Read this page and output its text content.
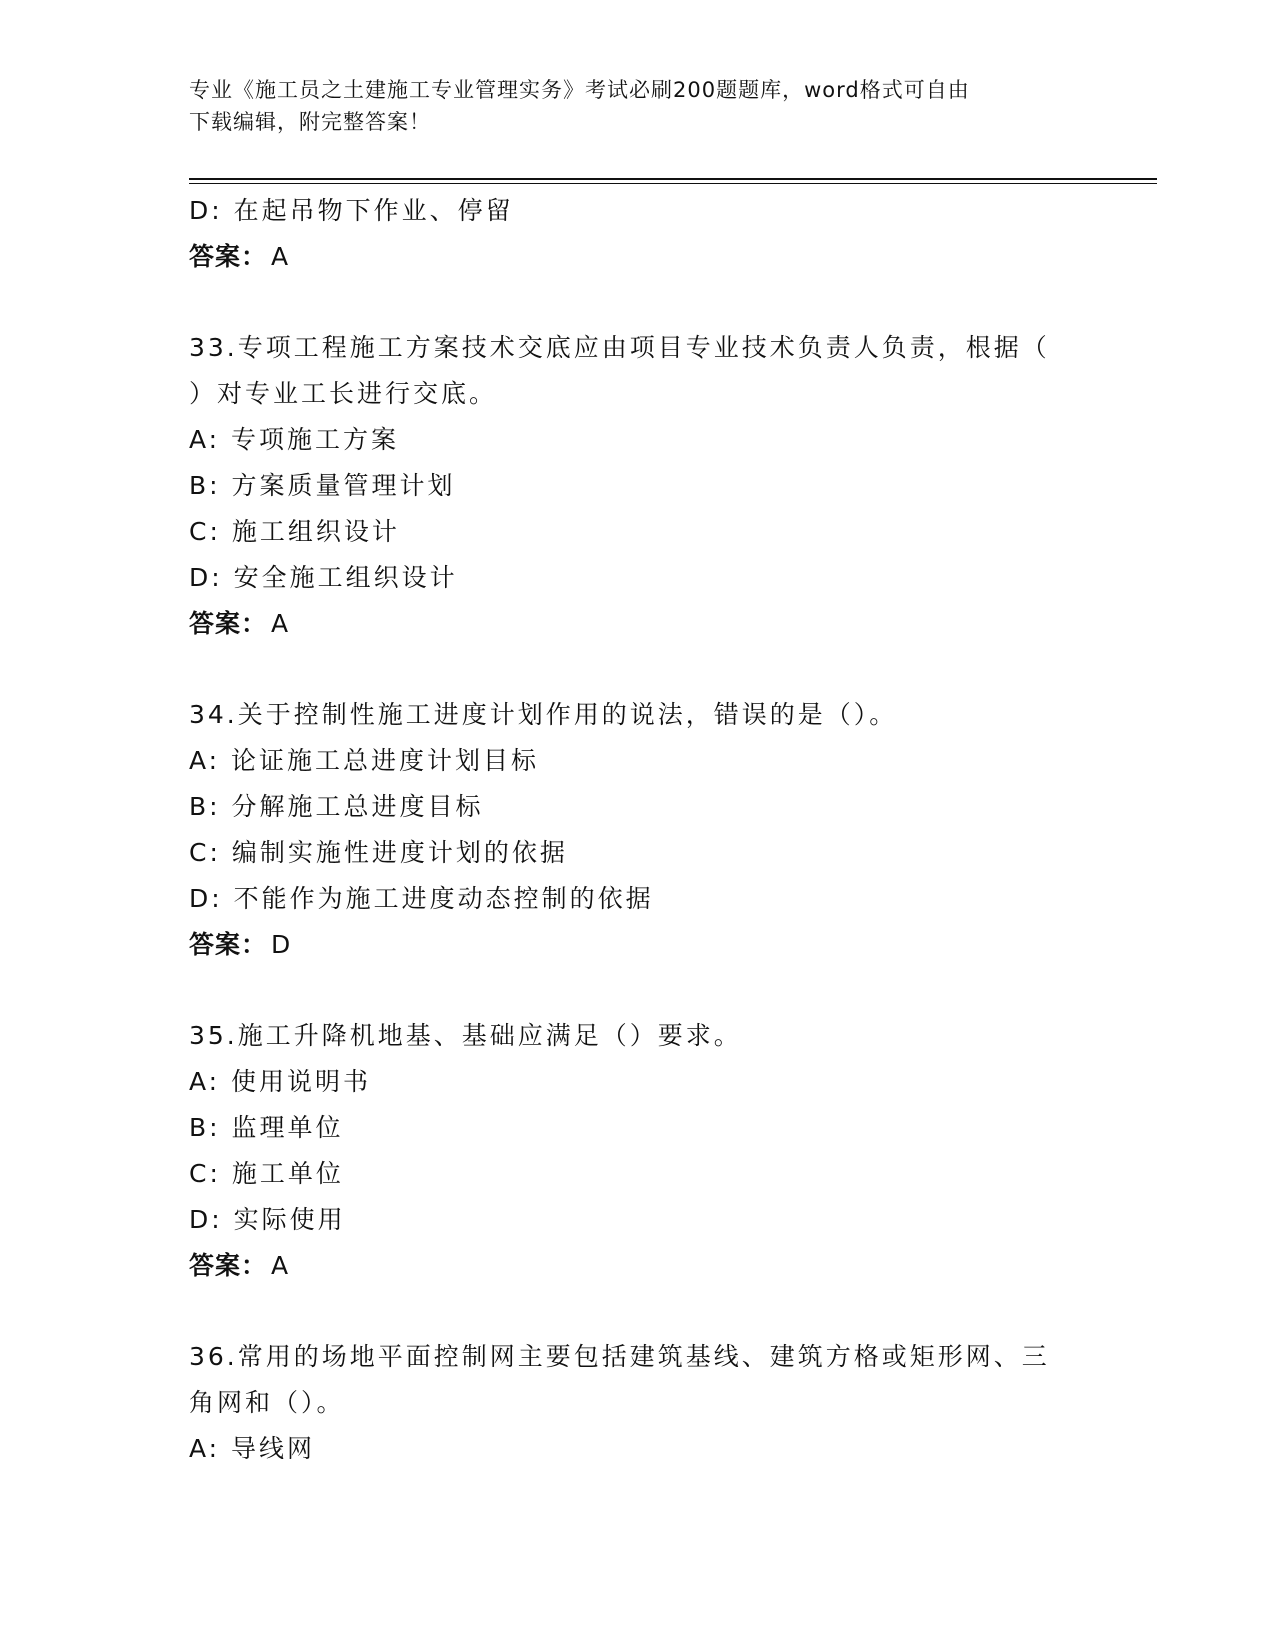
专业《施工员之土建施工专业管理实务》考试必刷200题题库，word格式可自由
下载编辑，附完整答案！
D: 在起吊物下作业、停留
答案： A
33.专项工程施工方案技术交底应由项目专业技术负责人负责，根据（
）对专业工长进行交底。
A: 专项施工方案
B: 方案质量管理计划
C: 施工组织设计
D: 安全施工组织设计
答案： A
34.关于控制性施工进度计划作用的说法，错误的是（）。
A: 论证施工总进度计划目标
B: 分解施工总进度目标
C: 编制实施性进度计划的依据
D: 不能作为施工进度动态控制的依据
答案： D
35.施工升降机地基、基础应满足（）要求。
A: 使用说明书
B: 监理单位
C: 施工单位
D: 实际使用
答案： A
36.常用的场地平面控制网主要包括建筑基线、建筑方格或矩形网、三
角网和（）。
A: 导线网
